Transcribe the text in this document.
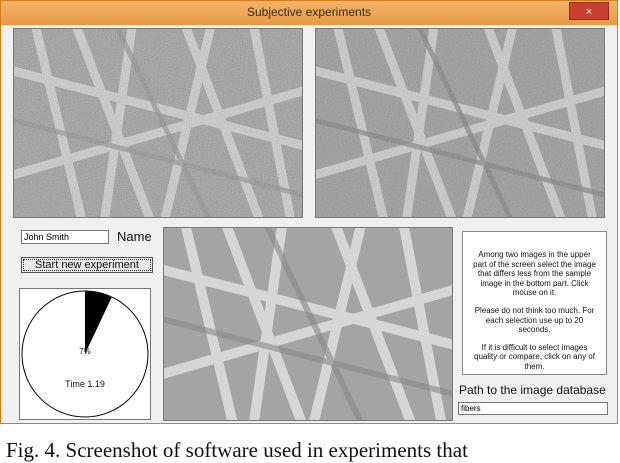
Subjective experiments	×
John Smith
Name
Start new experiment
7%
Time 1.19

Among two images in the upper part of the screen select the image that differs less from the sample image in the bottom part. Click mouse on it.

Please do not think too much. For each selection use up to 20 seconds.

If it is difficult to select images quality or compare, click on any of them.

Path to the image database
fibers
Fig. 4. Screenshot of software used in experiments that
